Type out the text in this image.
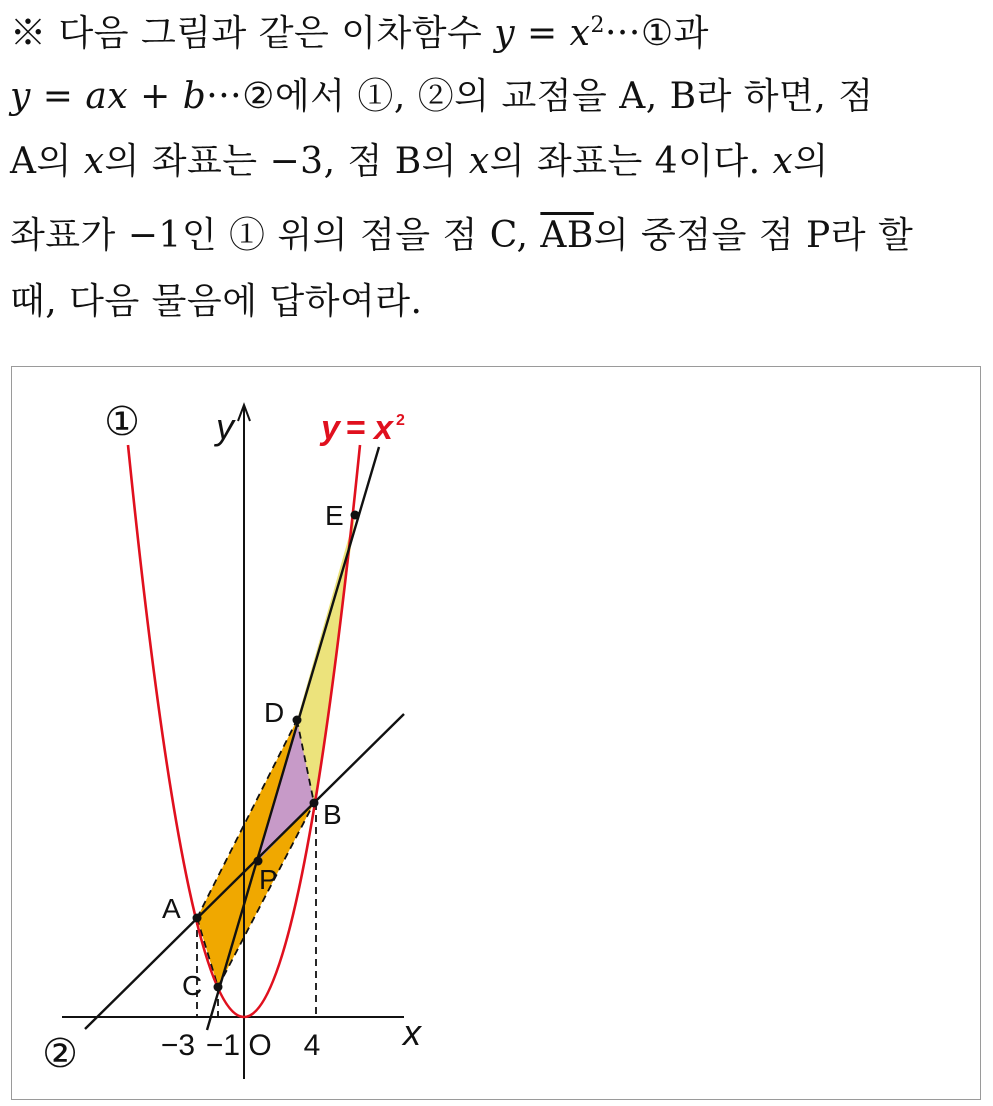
※ 다음 그림과 같은 이차함수 $y = x^2\cdot\cdot\cdot ①$과
y = ax + b···②에서 ①, ②의 교점을 A, B라 하면, 점
A의 x의 좌표는 −3, 점 B의 x의 좌표는 4이다. x의
좌표가 −1인 ① 위의 점을 점 C, $\overline{AB}$의 중점을 점 P라 할
때, 다음 물음에 답하여라.
①
②
y
x
y = x 2
A
B
C
D
E
P
−3 −1 O 4
